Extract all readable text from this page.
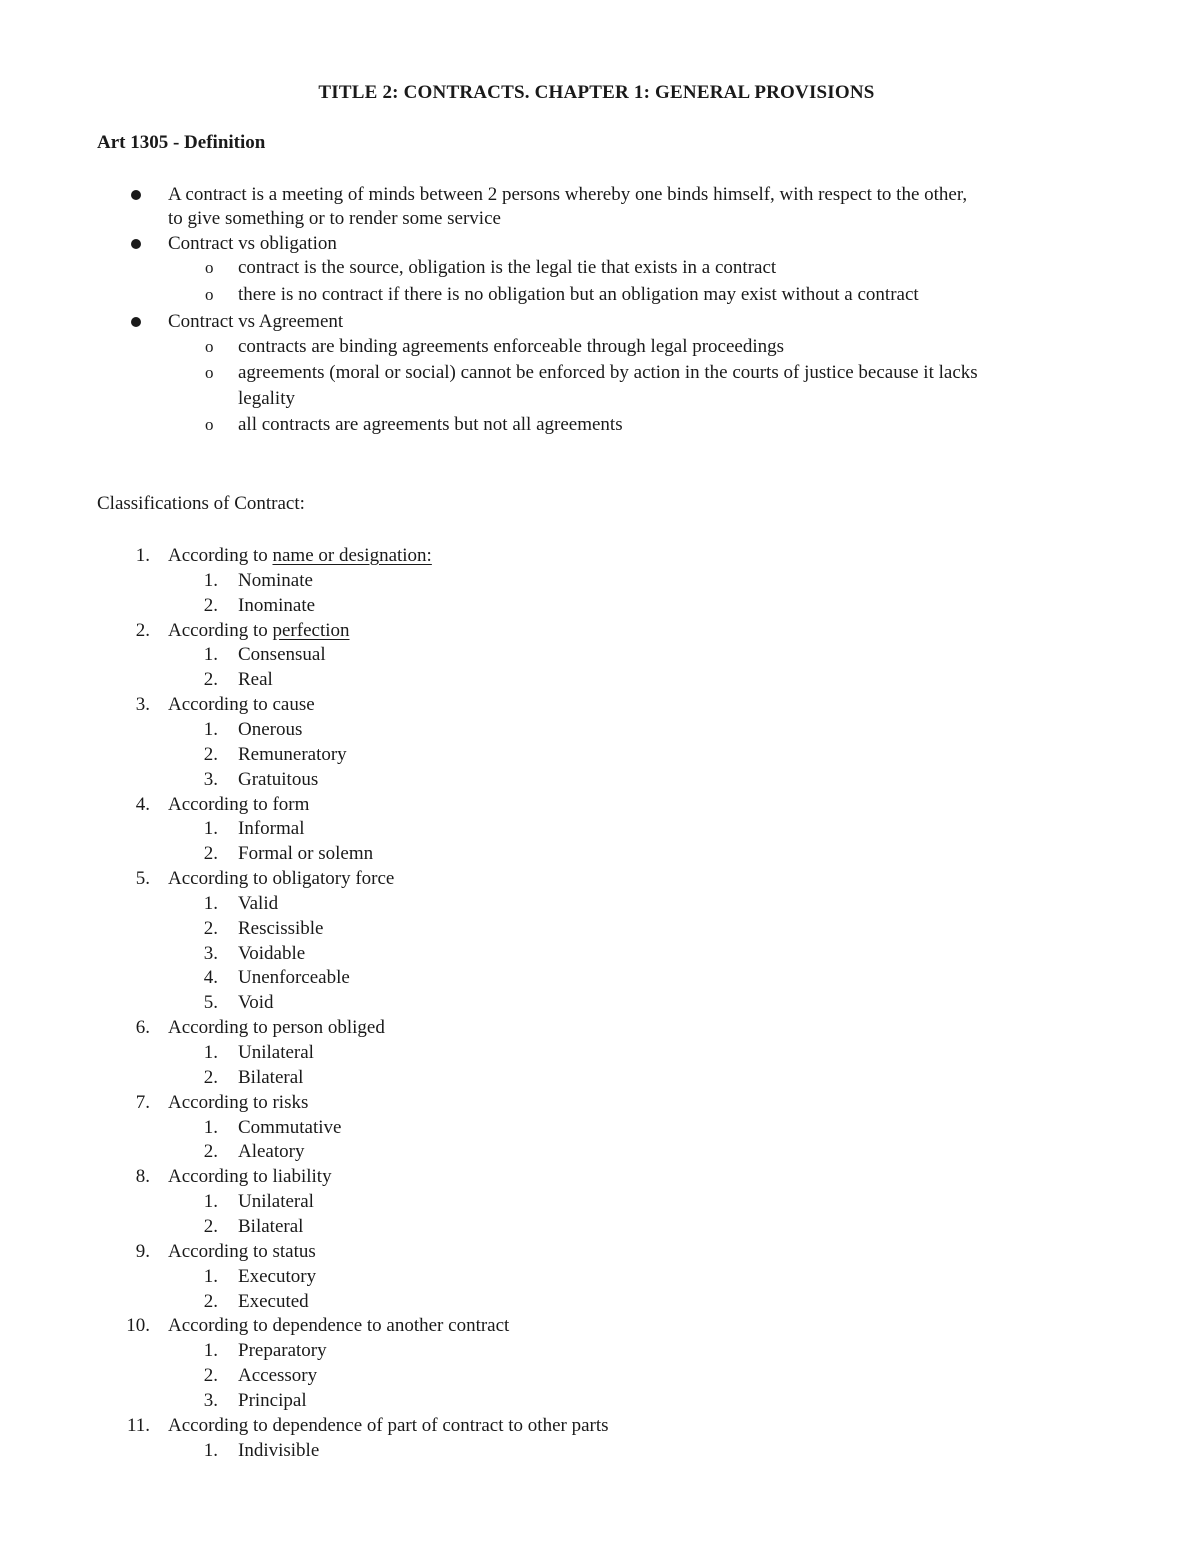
TITLE 2: CONTRACTS. CHAPTER 1: GENERAL PROVISIONS
Art 1305 - Definition
A contract is a meeting of minds between 2 persons whereby one binds himself, with respect to the other,
to give something or to render some service
Contract vs obligation
o contract is the source, obligation is the legal tie that exists in a contract
o there is no contract if there is no obligation but an obligation may exist without a contract
Contract vs Agreement
o contracts are binding agreements enforceable through legal proceedings
o agreements (moral or social) cannot be enforced by action in the courts of justice because it lacks
legality
o all contracts are agreements but not all agreements
Classifications of Contract:
1. According to name or designation:
1. Nominate
2. Inominate
2. According to perfection
1. Consensual
2. Real
3. According to cause
1. Onerous
2. Remuneratory
3. Gratuitous
4. According to form
1. Informal
2. Formal or solemn
5. According to obligatory force
1. Valid
2. Rescissible
3. Voidable
4. Unenforceable
5. Void
6. According to person obliged
1. Unilateral
2. Bilateral
7. According to risks
1. Commutative
2. Aleatory
8. According to liability
1. Unilateral
2. Bilateral
9. According to status
1. Executory
2. Executed
10. According to dependence to another contract
1. Preparatory
2. Accessory
3. Principal
11. According to dependence of part of contract to other parts
1. Indivisible
